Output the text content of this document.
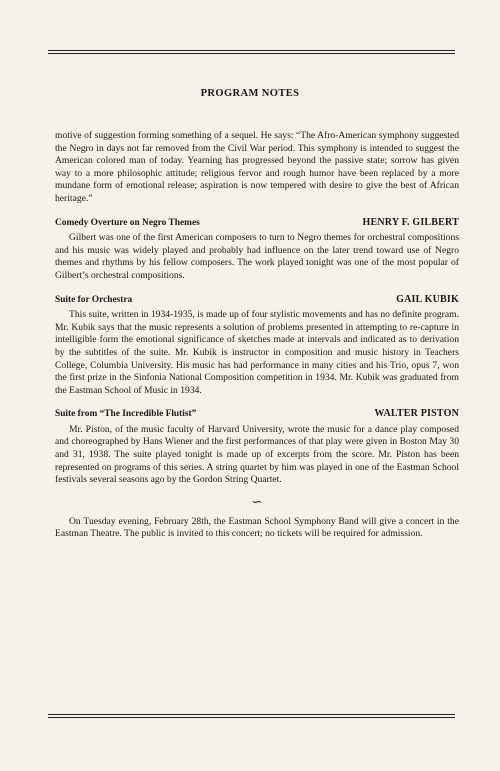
PROGRAM NOTES

motive of suggestion forming something of a sequel. He says: “The Afro-American symphony suggested the Negro in days not far removed from the Civil War period. This symphony is intended to suggest the American colored man of today. Yearning has progressed beyond the passive state; sorrow has given way to a more philosophic attitude; religious fervor and rough humor have been replaced by a more mundane form of emotional release; aspiration is now tempered with desire to give the best of African heritage.”

Comedy Overture on Negro Themes	HENRY F. GILBERT

Gilbert was one of the first American composers to turn to Negro themes for orchestral compositions and his music was widely played and probably had influence on the later trend toward use of Negro themes and rhythms by his fellow composers. The work played tonight was one of the most popular of Gilbert’s orchestral compositions.

Suite for Orchestra	GAIL KUBIK

This suite, written in 1934-1935, is made up of four stylistic movements and has no definite program. Mr. Kubik says that the music represents a solution of problems presented in attempting to re-capture in intelligible form the emotional significance of sketches made at intervals and indicated as to derivation by the subtitles of the suite. Mr. Kubik is instructor in composition and music history in Teachers College, Columbia University. His music has had performance in many cities and his Trio, opus 7, won the first prize in the Sinfonia National Composition competition in 1934. Mr. Kubik was graduated from the Eastman School of Music in 1934.

Suite from “The Incredible Flutist”	WALTER PISTON

Mr. Piston, of the music faculty of Harvard University, wrote the music for a dance play composed and choreographed by Hans Wiener and the first performances of that play were given in Boston May 30 and 31, 1938. The suite played tonight is made up of excerpts from the score. Mr. Piston has been represented on programs of this series. A string quartet by him was played in one of the Eastman School festivals several seasons ago by the Gordon String Quartet.

∽

On Tuesday evening, February 28th, the Eastman School Symphony Band will give a concert in the Eastman Theatre. The public is invited to this concert; no tickets will be required for admission.
